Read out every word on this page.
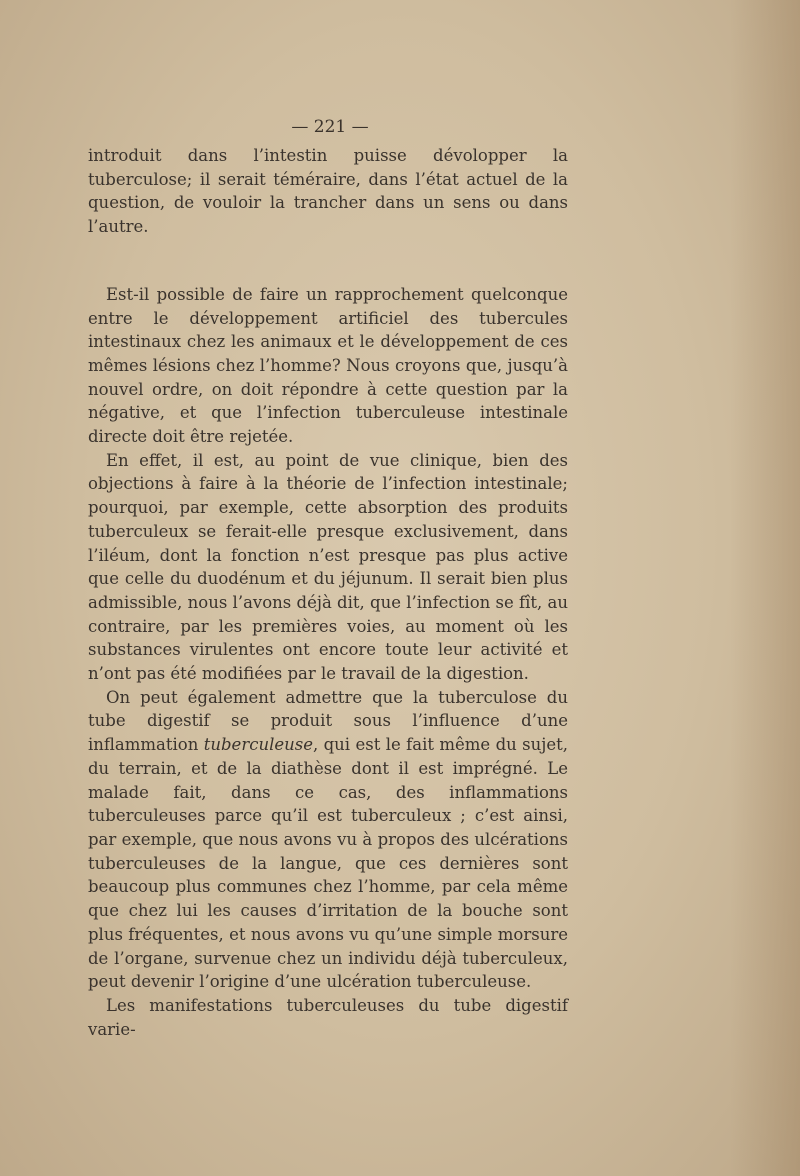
— 221 —

introduit dans l’intestin puisse dévolopper la tuberculose; il serait téméraire, dans l’état actuel de la question, de vouloir la trancher dans un sens ou dans l’autre.

Est-il possible de faire un rapprochement quelconque entre le développement artificiel des tubercules intestinaux chez les animaux et le développement de ces mêmes lésions chez l’homme? Nous croyons que, jusqu’à nouvel ordre, on doit répondre à cette question par la négative, et que l’infection tuberculeuse intestinale directe doit être rejetée.

En effet, il est, au point de vue clinique, bien des objections à faire à la théorie de l’infection intestinale; pourquoi, par exemple, cette absorption des produits tuberculeux se ferait-elle presque exclusivement, dans l’iléum, dont la fonction n’est presque pas plus active que celle du duodénum et du jéjunum. Il serait bien plus admissible, nous l’avons déjà dit, que l’infection se fît, au contraire, par les premières voies, au moment où les substances virulentes ont encore toute leur activité et n’ont pas été modifiées par le travail de la digestion.

On peut également admettre que la tuberculose du tube digestif se produit sous l’influence d’une inflammation tuberculeuse, qui est le fait même du sujet, du terrain, et de la diathèse dont il est imprégné. Le malade fait, dans ce cas, des inflammations tuberculeuses parce qu’il est tuberculeux ; c’est ainsi, par exemple, que nous avons vu à propos des ulcérations tuberculeuses de la langue, que ces dernières sont beaucoup plus communes chez l’homme, par cela même que chez lui les causes d’irritation de la bouche sont plus fréquentes, et nous avons vu qu’une simple morsure de l’organe, survenue chez un individu déjà tuberculeux, peut devenir l’origine d’une ulcération tuberculeuse.

Les manifestations tuberculeuses du tube digestif varie-
